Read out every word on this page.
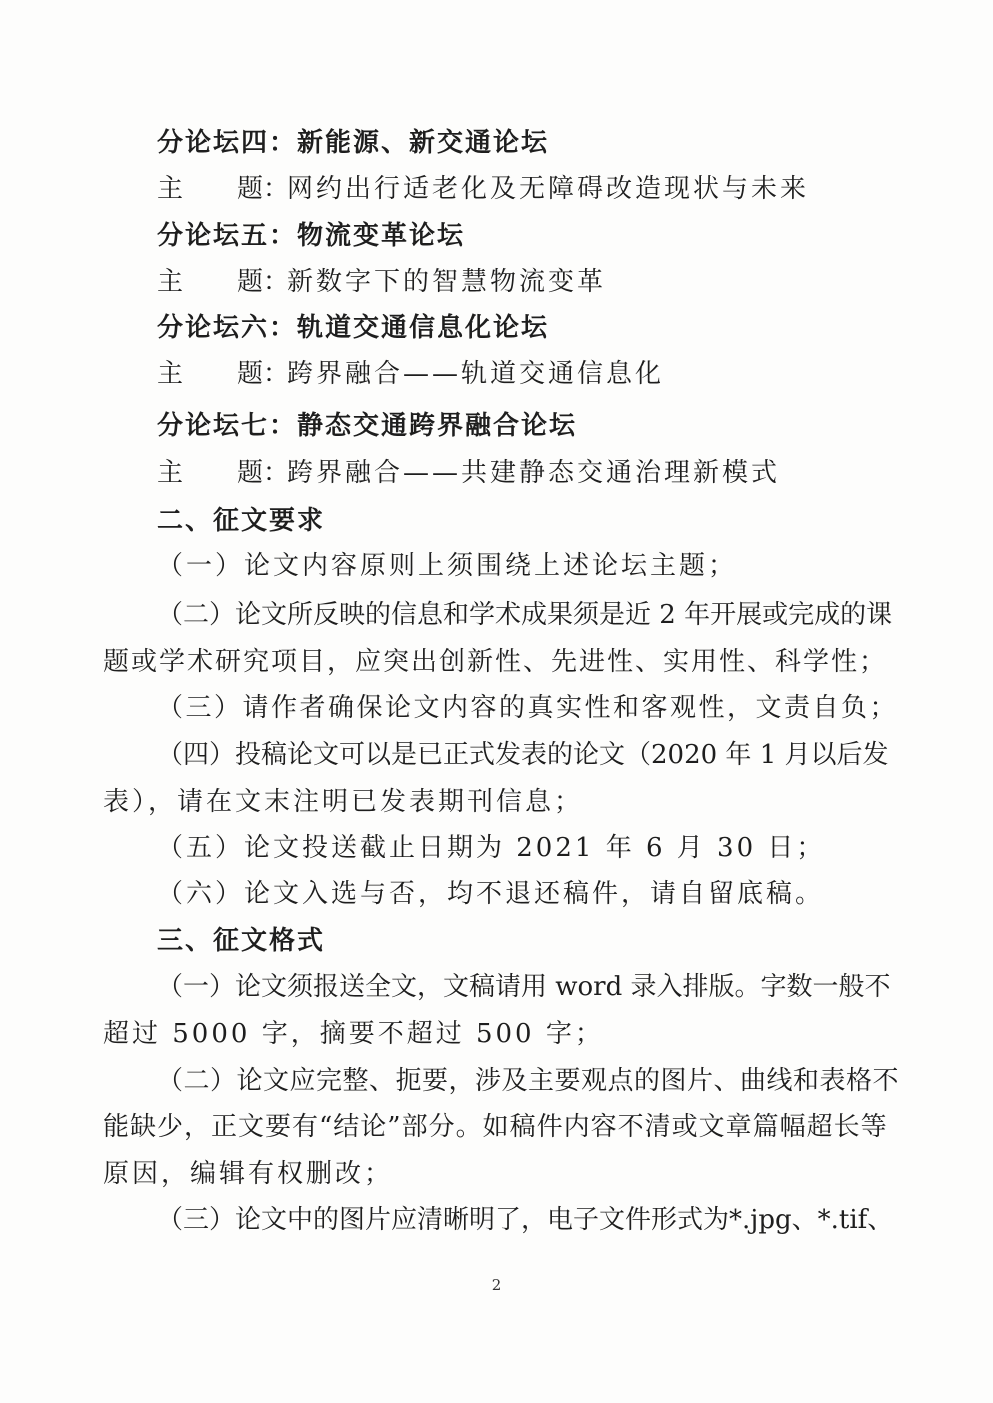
分论坛四：新能源、新交通论坛
主 题：网约出行适老化及无障碍改造现状与未来
分论坛五：物流变革论坛
主 题：新数字下的智慧物流变革
分论坛六：轨道交通信息化论坛
主 题：跨界融合——轨道交通信息化
分论坛七：静态交通跨界融合论坛
主 题：跨界融合——共建静态交通治理新模式
二、征文要求
（一）论文内容原则上须围绕上述论坛主题；
（二）论文所反映的信息和学术成果须是近 2 年开展或完成的课
题或学术研究项目，应突出创新性、先进性、实用性、科学性；
（三）请作者确保论文内容的真实性和客观性，文责自负；
（四）投稿论文可以是已正式发表的论文（2020 年 1 月以后发
表），请在文末注明已发表期刊信息；
（五）论文投送截止日期为 2021 年 6 月 30 日；
（六）论文入选与否，均不退还稿件，请自留底稿。
三、征文格式
（一）论文须报送全文，文稿请用 word 录入排版。字数一般不
超过 5000 字，摘要不超过 500 字；
（二）论文应完整、扼要，涉及主要观点的图片、曲线和表格不
能缺少，正文要有“结论”部分。如稿件内容不清或文章篇幅超长等
原因，编辑有权删改；
（三）论文中的图片应清晰明了，电子文件形式为*.jpg、*.tif、
2
